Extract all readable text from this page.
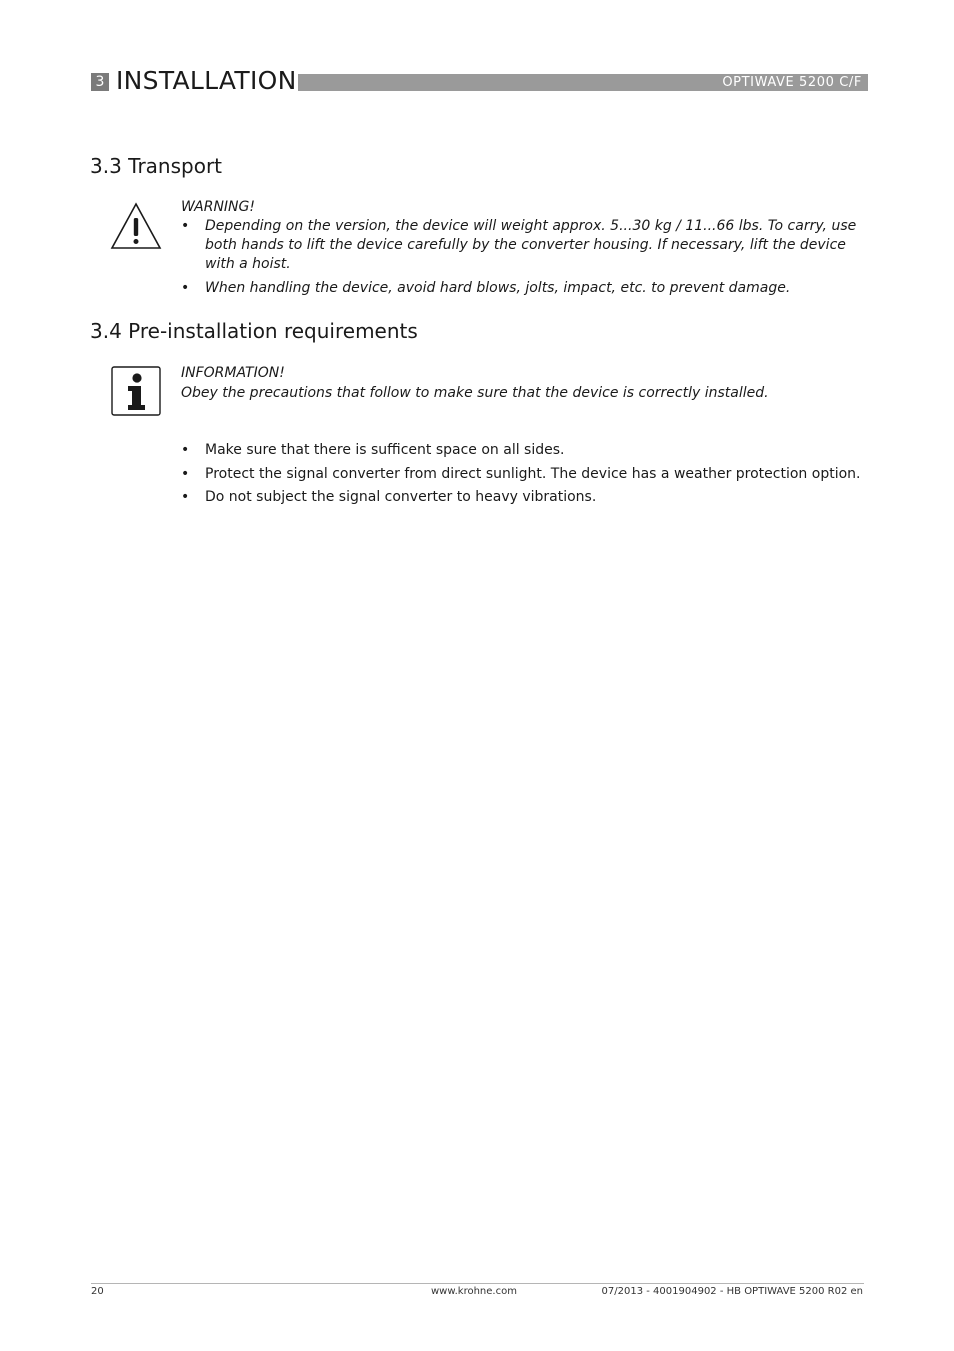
3 INSTALLATION	OPTIWAVE 5200 C/F
3.3 Transport
WARNING!
• Depending on the version, the device will weight approx. 5...30 kg / 11...66 lbs. To carry, use both hands to lift the device carefully by the converter housing. If necessary, lift the device with a hoist.
• When handling the device, avoid hard blows, jolts, impact, etc. to prevent damage.
3.4 Pre-installation requirements
INFORMATION!
Obey the precautions that follow to make sure that the device is correctly installed.
• Make sure that there is sufficent space on all sides.
• Protect the signal converter from direct sunlight. The device has a weather protection option.
• Do not subject the signal converter to heavy vibrations.
20	www.krohne.com	07/2013 - 4001904902 - HB OPTIWAVE 5200 R02 en
